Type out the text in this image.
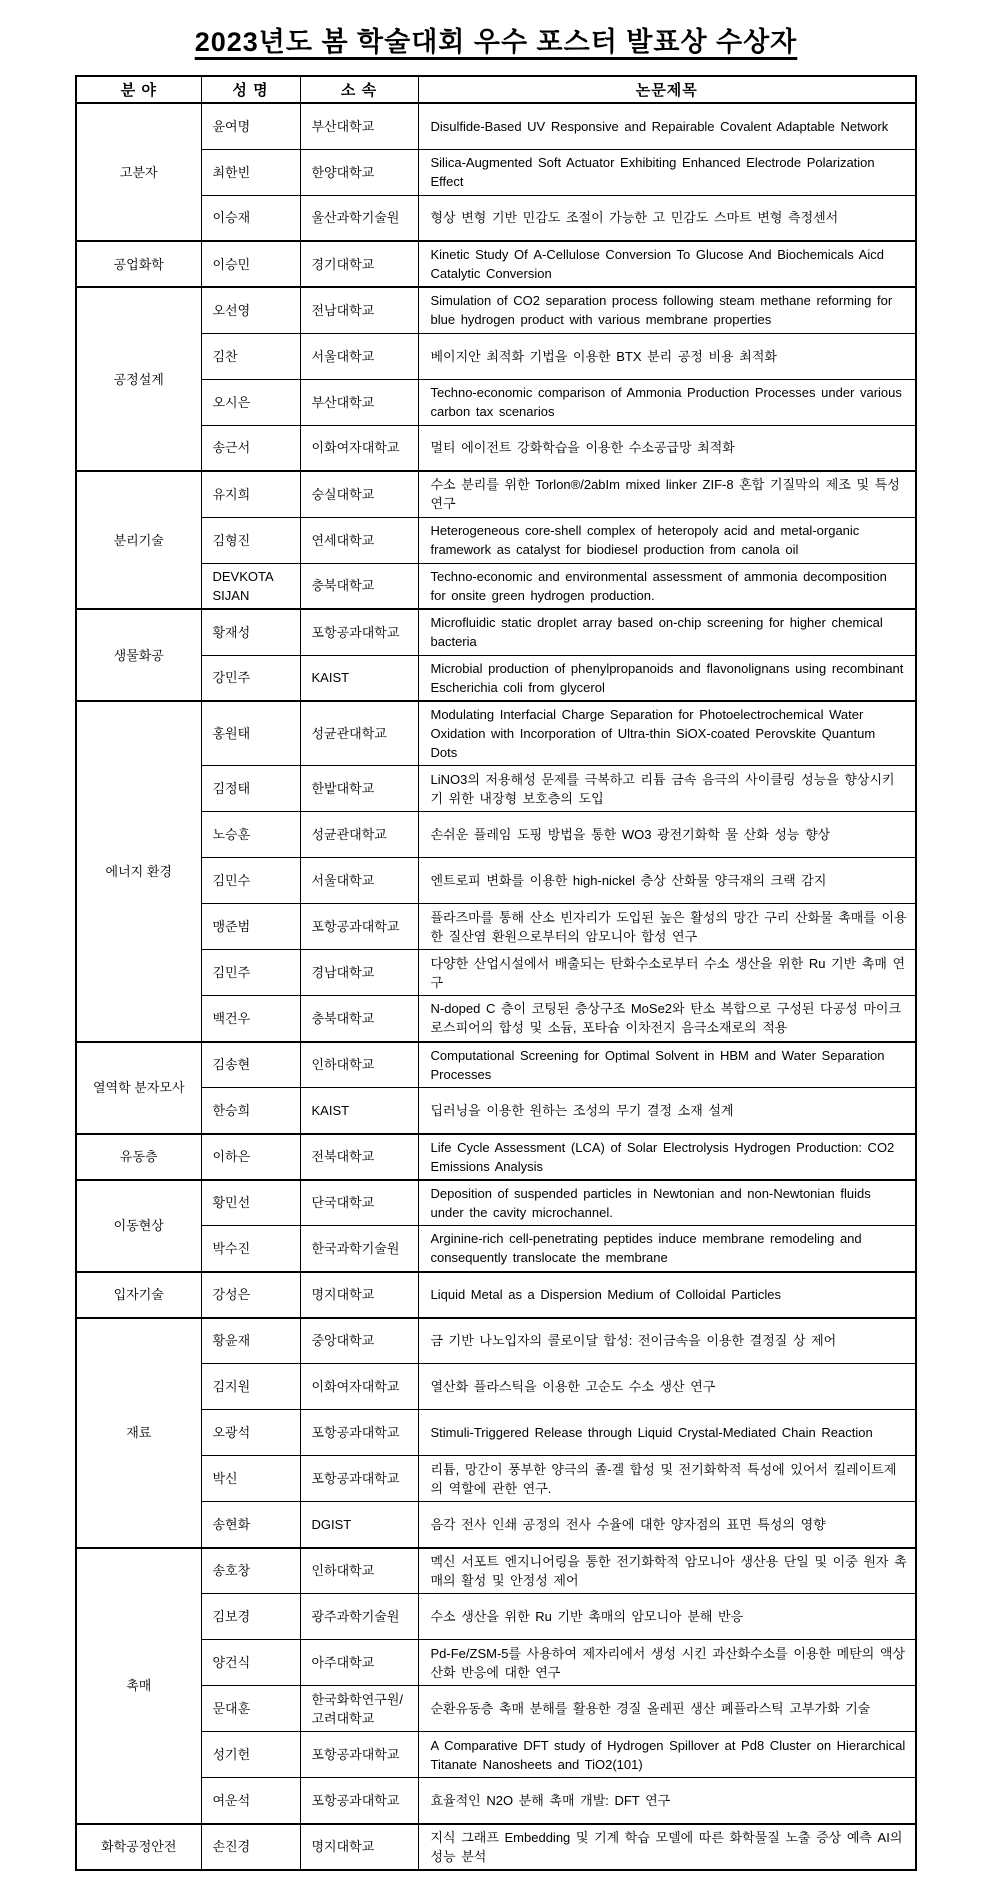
2023년도 봄 학술대회 우수 포스터 발표상 수상자
분 야	성 명	소 속	논문제목
고분자	윤여명	부산대학교	Disulfide-Based UV Responsive and Repairable Covalent Adaptable Network
	최한빈	한양대학교	Silica-Augmented Soft Actuator Exhibiting Enhanced Electrode Polarization Effect
	이승재	울산과학기술원	형상 변형 기반 민감도 조절이 가능한 고 민감도 스마트 변형 측정센서
공업화학	이승민	경기대학교	Kinetic Study Of Α-Cellulose Conversion To Glucose And Biochemicals Aicd Catalytic Conversion
공정설계	오선영	전남대학교	Simulation of CO2 separation process following steam methane reforming for blue hydrogen product with various membrane properties
	김찬	서울대학교	베이지안 최적화 기법을 이용한 BTX 분리 공정 비용 최적화
	오시은	부산대학교	Techno-economic comparison of Ammonia Production Processes under various carbon tax scenarios
	송근서	이화여자대학교	멀티 에이전트 강화학습을 이용한 수소공급망 최적화
분리기술	유지희	숭실대학교	수소 분리를 위한 Torlon®/2abIm mixed linker ZIF-8 혼합 기질막의 제조 및 특성 연구
	김형진	연세대학교	Heterogeneous core-shell complex of heteropoly acid and metal-organic framework as catalyst for biodiesel production from canola oil
	DEVKOTA SIJAN	충북대학교	Techno-economic and environmental assessment of ammonia decomposition for onsite green hydrogen production.
생물화공	황재성	포항공과대학교	Microfluidic static droplet array based on-chip screening for higher chemical bacteria
	강민주	KAIST	Microbial production of phenylpropanoids and flavonolignans using recombinant Escherichia coli from glycerol
에너지 환경	홍원태	성균관대학교	Modulating Interfacial Charge Separation for Photoelectrochemical Water Oxidation with Incorporation of Ultra-thin SiOX-coated Perovskite Quantum Dots
	김정태	한밭대학교	LiNO3의 저용해성 문제를 극복하고 리튬 금속 음극의 사이클링 성능을 향상시키기 위한 내장형 보호층의 도입
	노승훈	성균관대학교	손쉬운 플레임 도핑 방법을 통한 WO3 광전기화학 물 산화 성능 향상
	김민수	서울대학교	엔트로피 변화를 이용한 high-nickel 층상 산화물 양극재의 크랙 감지
	맹준범	포항공과대학교	플라즈마를 통해 산소 빈자리가 도입된 높은 활성의 망간 구리 산화물 촉매를 이용한 질산염 환원으로부터의 암모니아 합성 연구
	김민주	경남대학교	다양한 산업시설에서 배출되는 탄화수소로부터 수소 생산을 위한 Ru 기반 촉매 연구
	백건우	충북대학교	N-doped C 층이 코팅된 층상구조 MoSe2와 탄소 복합으로 구성된 다공성 마이크로스피어의 합성 및 소듐, 포타슘 이차전지 음극소재로의 적용
열역학 분자모사	김송현	인하대학교	Computational Screening for Optimal Solvent in HBM and Water Separation Processes
	한승희	KAIST	딥러닝을 이용한 원하는 조성의 무기 결정 소재 설계
유동층	이하은	전북대학교	Life Cycle Assessment (LCA) of Solar Electrolysis Hydrogen Production: CO2 Emissions Analysis
이동현상	황민선	단국대학교	Deposition of suspended particles in Newtonian and non-Newtonian fluids under the cavity microchannel.
	박수진	한국과학기술원	Arginine-rich cell-penetrating peptides induce membrane remodeling and consequently translocate the membrane
입자기술	강성은	명지대학교	Liquid Metal as a Dispersion Medium of Colloidal Particles
재료	황윤재	중앙대학교	금 기반 나노입자의 콜로이달 합성: 전이금속을 이용한 결정질 상 제어
	김지원	이화여자대학교	열산화 플라스틱을 이용한 고순도 수소 생산 연구
	오광석	포항공과대학교	Stimuli-Triggered Release through Liquid Crystal-Mediated Chain Reaction
	박신	포항공과대학교	리튬, 망간이 풍부한 양극의 졸-겔 합성 및 전기화학적 특성에 있어서 킬레이트제의 역할에 관한 연구.
	송현화	DGIST	음각 전사 인쇄 공정의 전사 수율에 대한 양자점의 표면 특성의 영향
촉매	송호창	인하대학교	멕신 서포트 엔지니어링을 통한 전기화학적 암모니아 생산용 단일 및 이중 원자 촉매의 활성 및 안정성 제어
	김보경	광주과학기술원	수소 생산을 위한 Ru 기반 촉매의 암모니아 분해 반응
	양건식	아주대학교	Pd-Fe/ZSM-5를 사용하여 제자리에서 생성 시킨 과산화수소를 이용한 메탄의 액상산화 반응에 대한 연구
	문대훈	한국화학연구원/고려대학교	순환유동층 촉매 분해를 활용한 경질 올레핀 생산 폐플라스틱 고부가화 기술
	성기헌	포항공과대학교	A Comparative DFT study of Hydrogen Spillover at Pd8 Cluster on Hierarchical Titanate Nanosheets and TiO2(101)
	여운석	포항공과대학교	효율적인 N2O 분해 촉매 개발: DFT 연구
화학공정안전	손진경	명지대학교	지식 그래프 Embedding 및 기계 학습 모델에 따른 화학물질 노출 증상 예측 AI의 성능 분석
